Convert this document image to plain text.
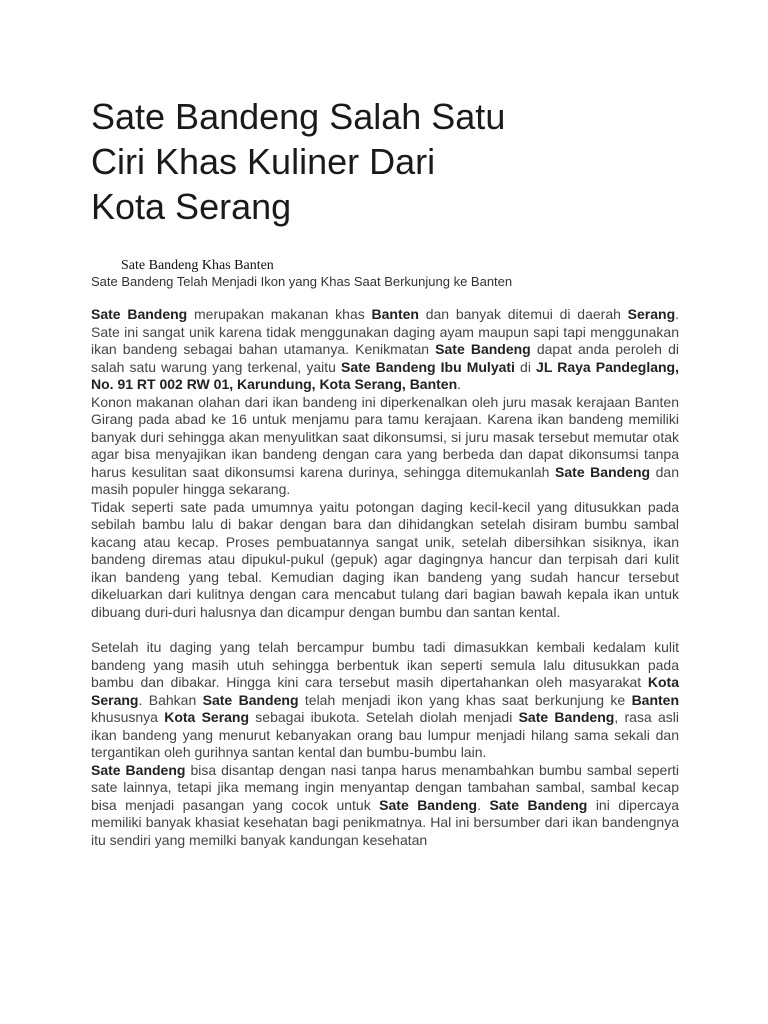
Sate Bandeng Salah Satu
Ciri Khas Kuliner Dari
Kota Serang
Sate Bandeng Khas Banten
Sate Bandeng Telah Menjadi Ikon yang Khas Saat Berkunjung ke Banten

Sate Bandeng merupakan makanan khas Banten dan banyak ditemui di daerah Serang. Sate ini sangat unik karena tidak menggunakan daging ayam maupun sapi tapi menggunakan ikan bandeng sebagai bahan utamanya. Kenikmatan Sate Bandeng dapat anda peroleh di salah satu warung yang terkenal, yaitu Sate Bandeng Ibu Mulyati di JL Raya Pandeglang, No. 91 RT 002 RW 01, Karundung, Kota Serang, Banten.

Konon makanan olahan dari ikan bandeng ini diperkenalkan oleh juru masak kerajaan Banten Girang pada abad ke 16 untuk menjamu para tamu kerajaan. Karena ikan bandeng memiliki banyak duri sehingga akan menyulitkan saat dikonsumsi, si juru masak tersebut memutar otak agar bisa menyajikan ikan bandeng dengan cara yang berbeda dan dapat dikonsumsi tanpa harus kesulitan saat dikonsumsi karena durinya, sehingga ditemukanlah Sate Bandeng dan masih populer hingga sekarang.

Tidak seperti sate pada umumnya yaitu potongan daging kecil-kecil yang ditusukkan pada sebilah bambu lalu di bakar dengan bara dan dihidangkan setelah disiram bumbu sambal kacang atau kecap. Proses pembuatannya sangat unik, setelah dibersihkan sisiknya, ikan bandeng diremas atau dipukul-pukul (gepuk) agar dagingnya hancur dan terpisah dari kulit ikan bandeng yang tebal. Kemudian daging ikan bandeng yang sudah hancur tersebut dikeluarkan dari kulitnya dengan cara mencabut tulang dari bagian bawah kepala ikan untuk dibuang duri-duri halusnya dan dicampur dengan bumbu dan santan kental.

Setelah itu daging yang telah bercampur bumbu tadi dimasukkan kembali kedalam kulit bandeng yang masih utuh sehingga berbentuk ikan seperti semula lalu ditusukkan pada bambu dan dibakar. Hingga kini cara tersebut masih dipertahankan oleh masyarakat Kota Serang. Bahkan Sate Bandeng telah menjadi ikon yang khas saat berkunjung ke Banten khususnya Kota Serang sebagai ibukota. Setelah diolah menjadi Sate Bandeng, rasa asli ikan bandeng yang menurut kebanyakan orang bau lumpur menjadi hilang sama sekali dan tergantikan oleh gurihnya santan kental dan bumbu-bumbu lain.

Sate Bandeng bisa disantap dengan nasi tanpa harus menambahkan bumbu sambal seperti sate lainnya, tetapi jika memang ingin menyantap dengan tambahan sambal, sambal kecap bisa menjadi pasangan yang cocok untuk Sate Bandeng. Sate Bandeng ini dipercaya memiliki banyak khasiat kesehatan bagi penikmatnya. Hal ini bersumber dari ikan bandengnya itu sendiri yang memilki banyak kandungan kesehatan
